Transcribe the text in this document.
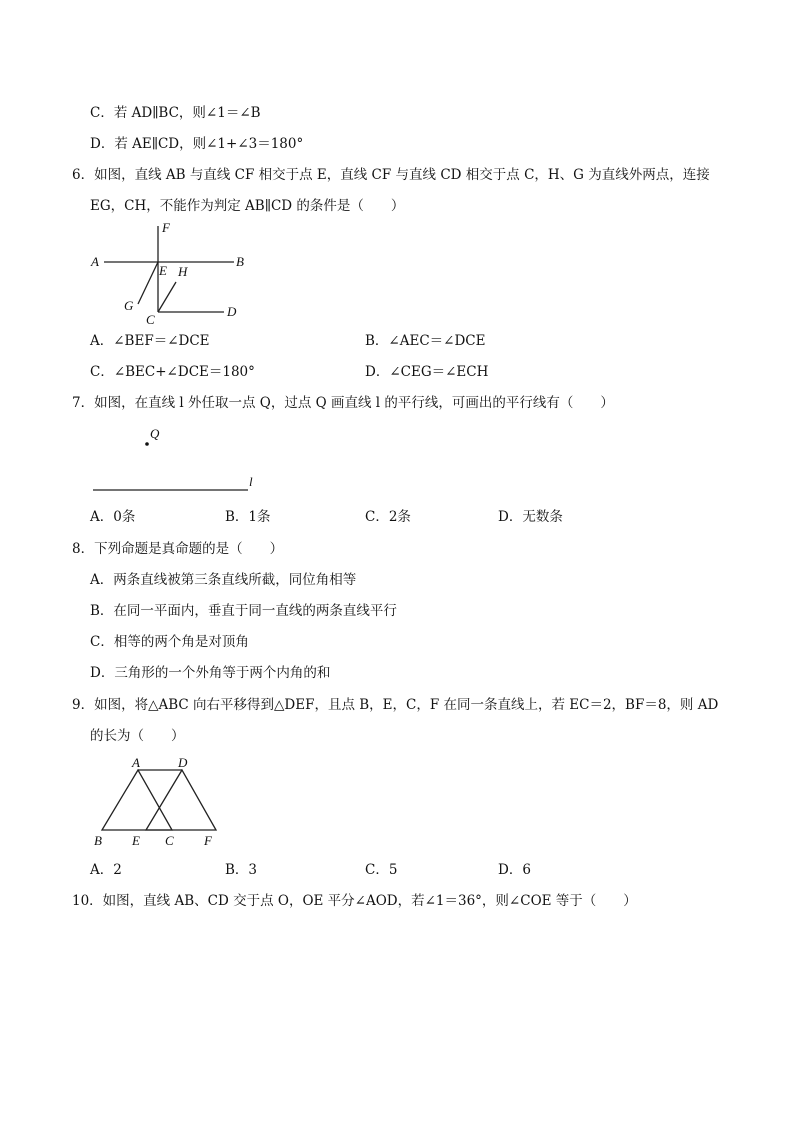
C．若 AD∥BC，则∠1＝∠B
D．若 AE∥CD，则∠1+∠3＝180°
6．如图，直线 AB 与直线 CF 相交于点 E，直线 CF 与直线 CD 相交于点 C，H、G 为直线外两点，连接
EG，CH，不能作为判定 AB∥CD 的条件是（　　）
A	B
F
E H
G
C
D
A．∠BEF＝∠DCE	B．∠AEC＝∠DCE
C．∠BEC+∠DCE＝180°	D．∠CEG＝∠ECH
7．如图，在直线 l 外任取一点 Q，过点 Q 画直线 l 的平行线，可画出的平行线有（　　）
Q
l
A．0条	B．1条	C．2条	D．无数条
8．下列命题是真命题的是（　　）
A．两条直线被第三条直线所截，同位角相等
B．在同一平面内，垂直于同一直线的两条直线平行
C．相等的两个角是对顶角
D．三角形的一个外角等于两个内角的和
9．如图，将△ABC 向右平移得到△DEF，且点 B，E，C，F 在同一条直线上，若 EC＝2，BF＝8，则 AD
的长为（　　）
A	D
B E C F
A．2	B．3	C．5	D．6
10．如图，直线 AB、CD 交于点 O，OE 平分∠AOD，若∠1＝36°，则∠COE 等于（　　）
